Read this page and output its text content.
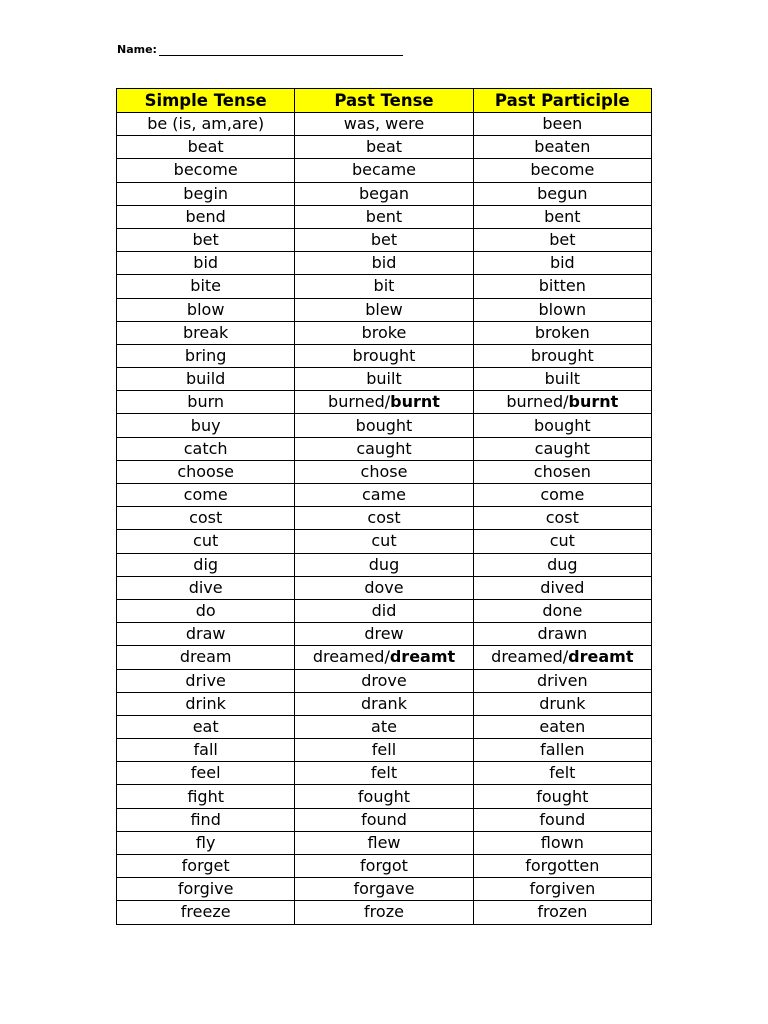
Name:
Simple Tense	Past Tense	Past Participle
be (is, am,are)	was, were	been
beat	beat	beaten
become	became	become
begin	began	begun
bend	bent	bent
bet	bet	bet
bid	bid	bid
bite	bit	bitten
blow	blew	blown
break	broke	broken
bring	brought	brought
build	built	built
burn	burned/burnt	burned/burnt
buy	bought	bought
catch	caught	caught
choose	chose	chosen
come	came	come
cost	cost	cost
cut	cut	cut
dig	dug	dug
dive	dove	dived
do	did	done
draw	drew	drawn
dream	dreamed/dreamt	dreamed/dreamt
drive	drove	driven
drink	drank	drunk
eat	ate	eaten
fall	fell	fallen
feel	felt	felt
fight	fought	fought
find	found	found
fly	flew	flown
forget	forgot	forgotten
forgive	forgave	forgiven
freeze	froze	frozen
